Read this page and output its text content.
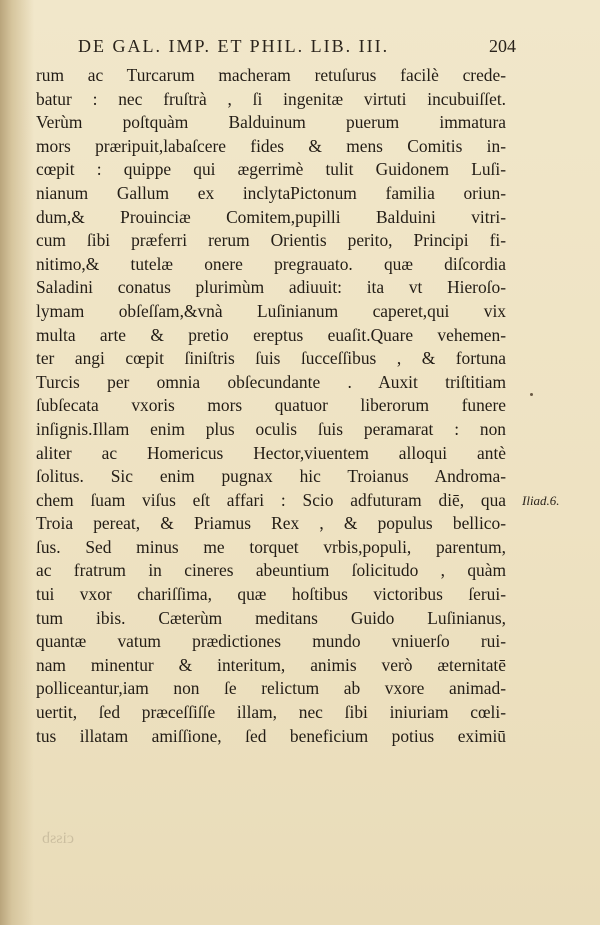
DE GAL. IMP. ET PHIL. LIB. III.	204
rum ac Turcarum macheram retuſurus facilè crede-
batur : nec fruſtrà , ſi ingenitæ virtuti incubuiſſet.
Verùm poſtquàm Balduinum puerum immatura
mors præripuit,labaſcere fides & mens Comitis in-
cœpit : quippe qui ægerrimè tulit Guidonem Luſi-
nianum Gallum ex inclytaPictonum familia oriun-
dum,& Prouinciæ Comitem,pupilli Balduini vitri-
cum ſibi præferri rerum Orientis perito, Principi fi-
nitimo,& tutelæ onere pregrauato. quæ diſcordia
Saladini conatus plurimùm adiuuit: ita vt Hieroſo-
lymam obſeſſam,&vnà Luſinianum caperet,qui vix
multa arte & pretio ereptus euaſit.Quare vehemen-
ter angi cœpit ſiniſtris ſuis ſucceſſibus , & fortuna
Turcis per omnia obſecundante . Auxit triſtitiam
ſubſecata vxoris mors quatuor liberorum funere
inſignis.Illam enim plus oculis ſuis peramarat : non
aliter ac Homericus Hector,viuentem alloqui antè
ſolitus. Sic enim pugnax hic Troianus Androma-
chem ſuam viſus eſt affari : Scio adfuturam diē, qua
Troia pereat, & Priamus Rex , & populus bellico-
ſus. Sed minus me torquet vrbis,populi, parentum,
ac fratrum in cineres abeuntium ſolicitudo , quàm
tui vxor chariſſima, quæ hoſtibus victoribus ſerui-
tum ibis. Cæterùm meditans Guido Luſinianus,
quantæ vatum prædictiones mundo vniuerſo rui-
nam minentur & interitum, animis verò æternitatē
polliceantur,iam non ſe relictum ab vxore animad-
uertit, ſed præceſſiſſe illam, nec ſibi iniuriam cœli-
tus illatam amiſſione, ſed beneficium potius eximiū
Iliad.6.
cissb
